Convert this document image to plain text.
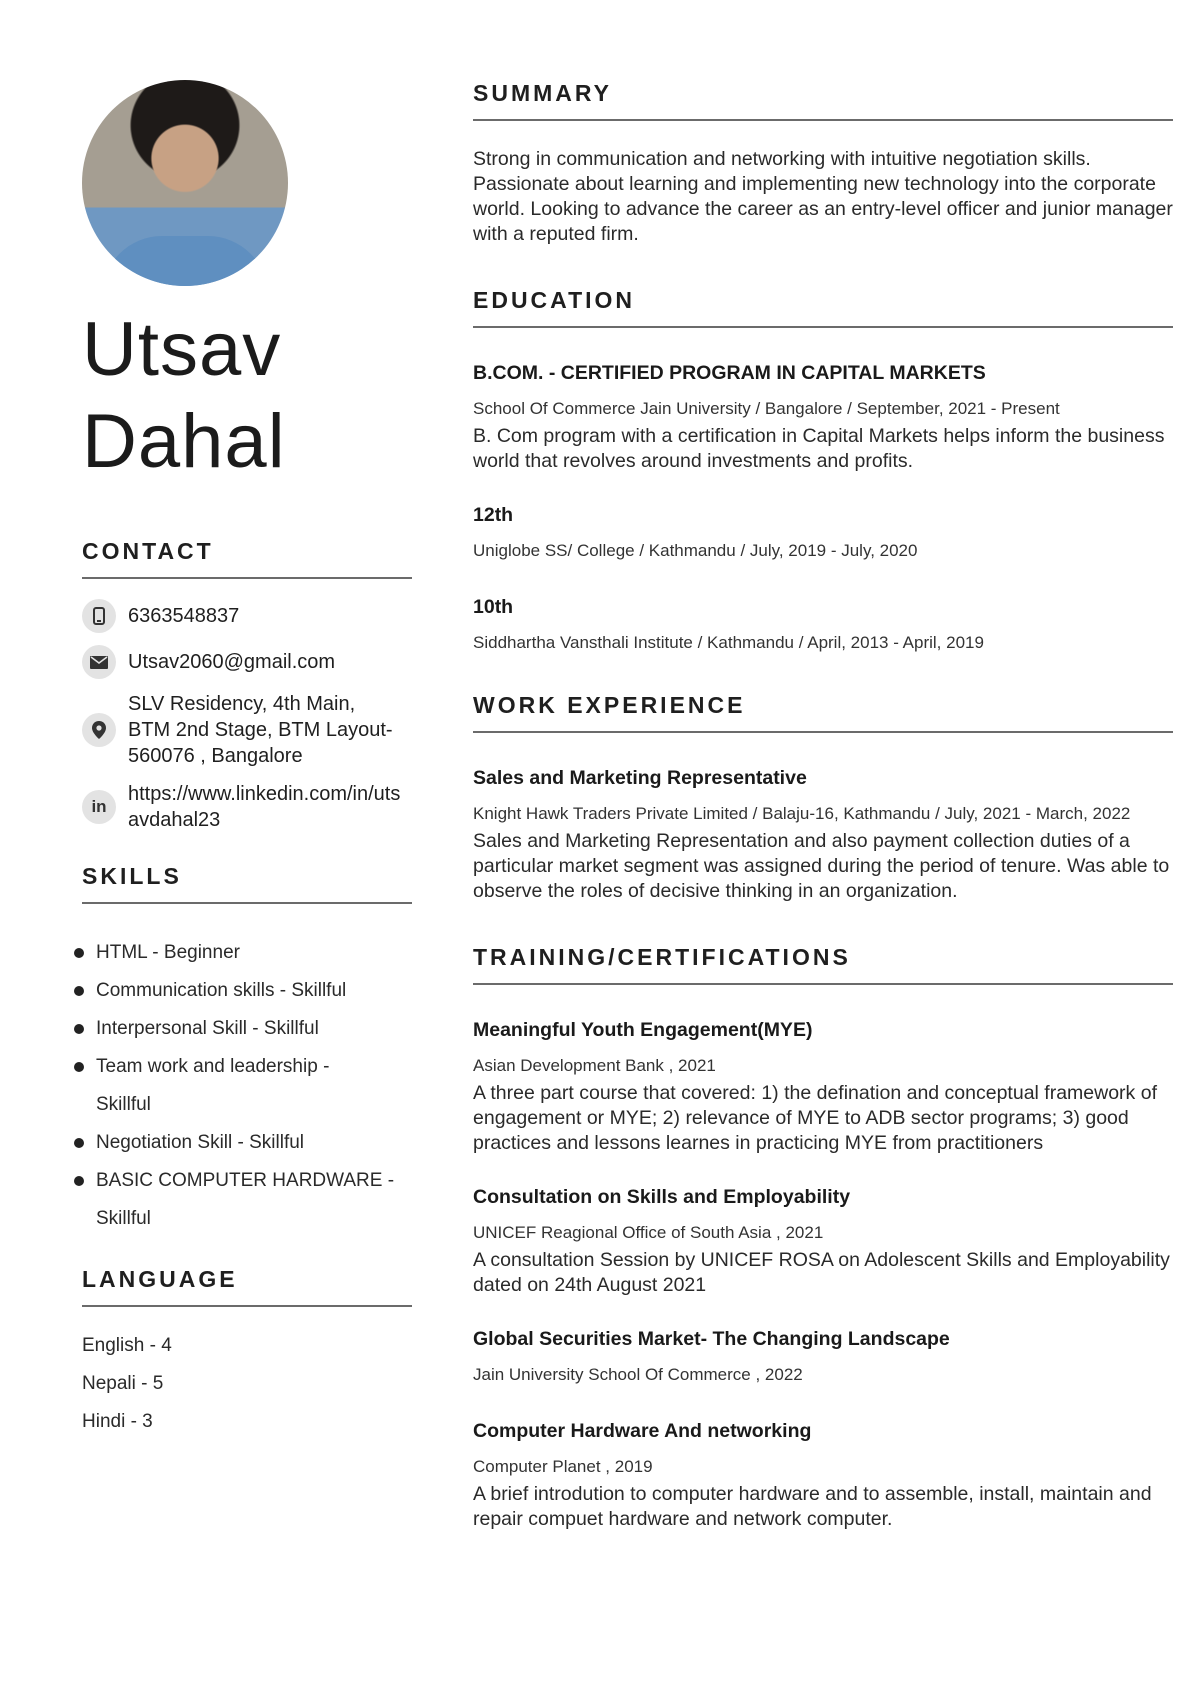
Utsav
Dahal
CONTACT
6363548837
Utsav2060@gmail.com
SLV Residency, 4th Main, BTM 2nd Stage, BTM Layout- 560076 , Bangalore
in
https://www.linkedin.com/in/utsavdahal23
SKILLS
HTML - Beginner
Communication skills - Skillful
Interpersonal Skill - Skillful
Team work and leadership - Skillful
Negotiation Skill - Skillful
BASIC COMPUTER HARDWARE - Skillful
LANGUAGE
English - 4
Nepali - 5
Hindi - 3
SUMMARY
Strong in communication and networking with intuitive negotiation skills. Passionate about learning and implementing new technology into the corporate world. Looking to advance the career as an entry-level officer and junior manager with a reputed firm.
EDUCATION
B.COM. - CERTIFIED PROGRAM IN CAPITAL MARKETS
School Of Commerce Jain University / Bangalore / September, 2021 - Present
B. Com program with a certification in Capital Markets helps inform the business world that revolves around investments and profits.
12th
Uniglobe SS/ College / Kathmandu / July, 2019 - July, 2020
10th
Siddhartha Vansthali Institute / Kathmandu / April, 2013 - April, 2019
WORK EXPERIENCE
Sales and Marketing Representative
Knight Hawk Traders Private Limited / Balaju-16, Kathmandu / July, 2021 - March, 2022
Sales and Marketing Representation and also payment collection duties of a particular market segment was assigned during the period of tenure. Was able to observe the roles of decisive thinking in an organization.
TRAINING/CERTIFICATIONS
Meaningful Youth Engagement(MYE)
Asian Development Bank , 2021
A three part course that covered: 1) the defination and conceptual framework of engagement or MYE; 2) relevance of MYE to ADB sector programs; 3) good practices and lessons learnes in practicing MYE from practitioners
Consultation on Skills and Employability
UNICEF Reagional Office of South Asia , 2021
A consultation Session by UNICEF ROSA on Adolescent Skills and Employability dated on 24th August 2021
Global Securities Market- The Changing Landscape
Jain University School Of Commerce , 2022
Computer Hardware And networking
Computer Planet , 2019
A brief introdution to computer hardware and to assemble, install, maintain and repair compuet hardware and network computer.
